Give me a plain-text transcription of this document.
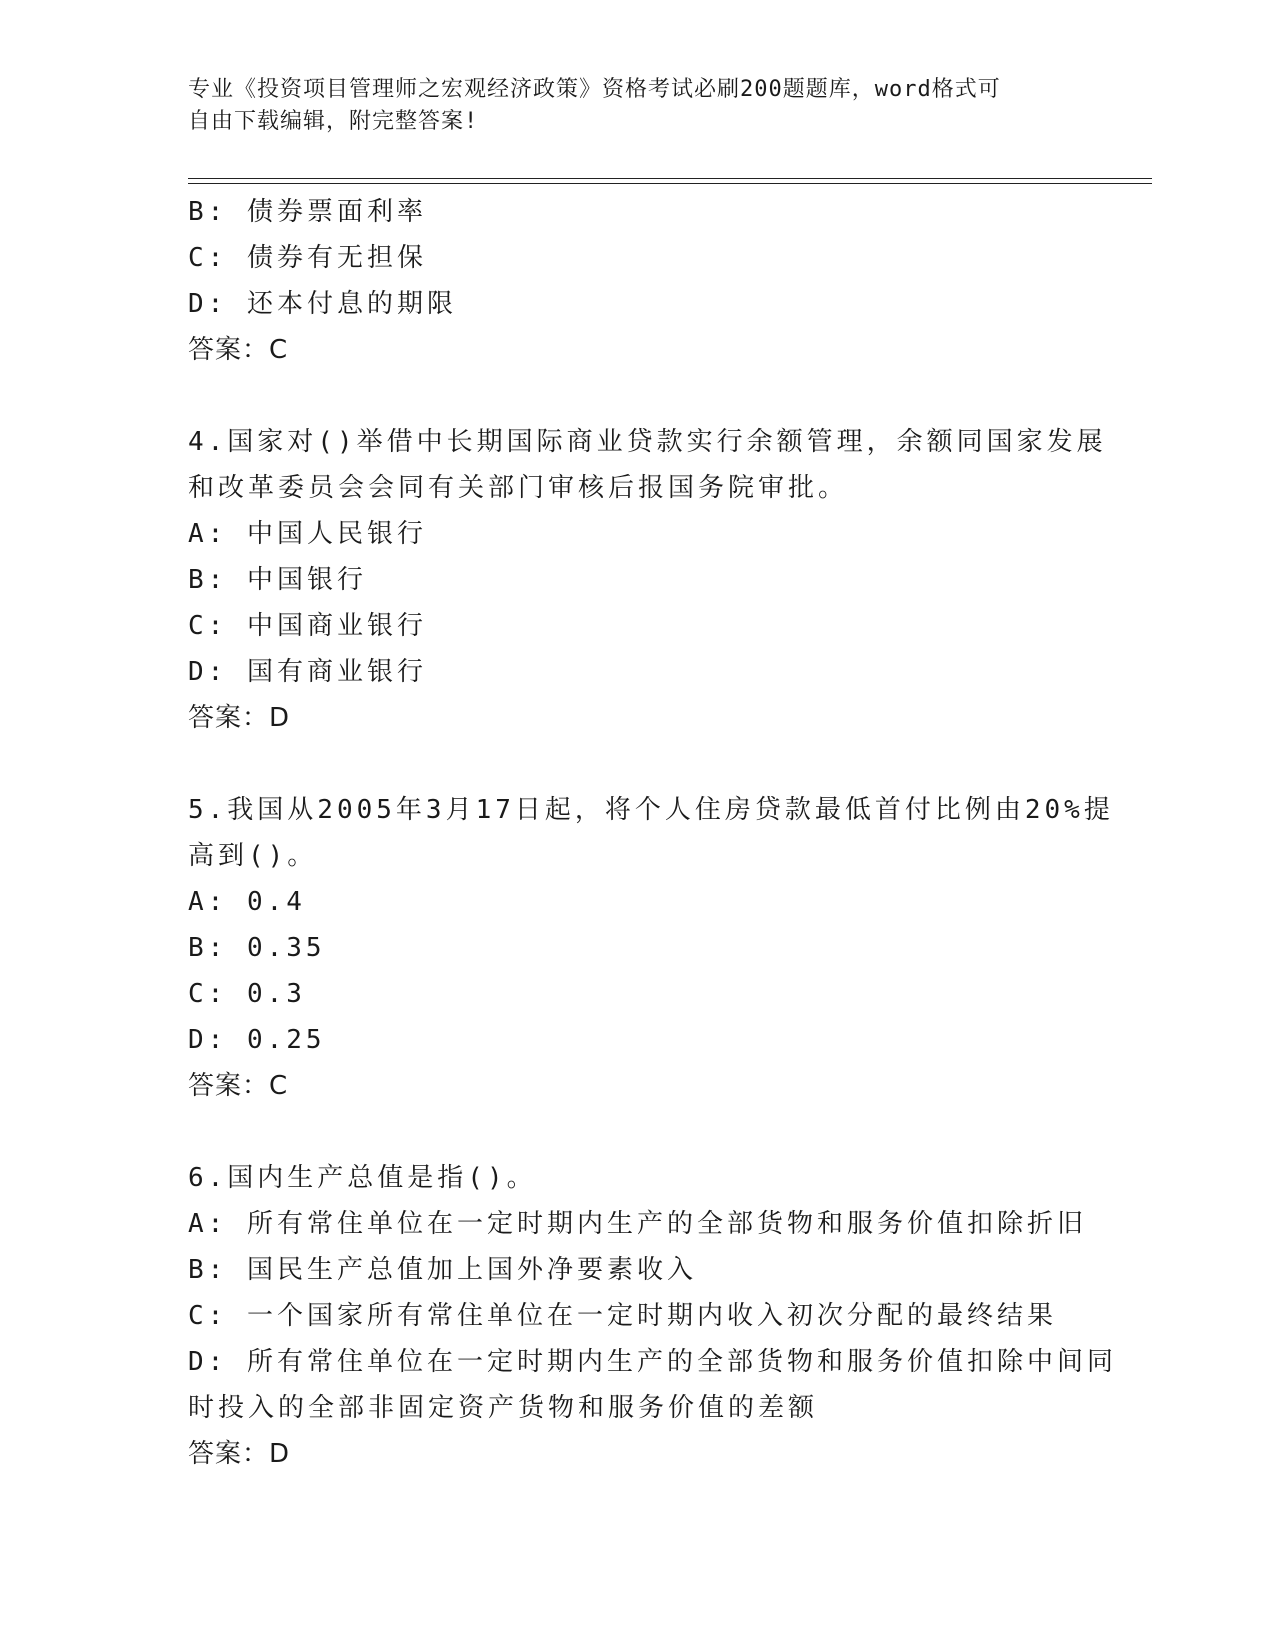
专业《投资项目管理师之宏观经济政策》资格考试必刷200题题库，word格式可
自由下载编辑，附完整答案!
B: 债券票面利率
C: 债券有无担保
D: 还本付息的期限
答案：C
4.国家对()举借中长期国际商业贷款实行余额管理，余额同国家发展
和改革委员会会同有关部门审核后报国务院审批。
A: 中国人民银行
B: 中国银行
C: 中国商业银行
D: 国有商业银行
答案：D
5.我国从2005年3月17日起，将个人住房贷款最低首付比例由20%提
高到()。
A: 0.4
B: 0.35
C: 0.3
D: 0.25
答案：C
6.国内生产总值是指()。
A: 所有常住单位在一定时期内生产的全部货物和服务价值扣除折旧
B: 国民生产总值加上国外净要素收入
C: 一个国家所有常住单位在一定时期内收入初次分配的最终结果
D: 所有常住单位在一定时期内生产的全部货物和服务价值扣除中间同
时投入的全部非固定资产货物和服务价值的差额
答案：D
